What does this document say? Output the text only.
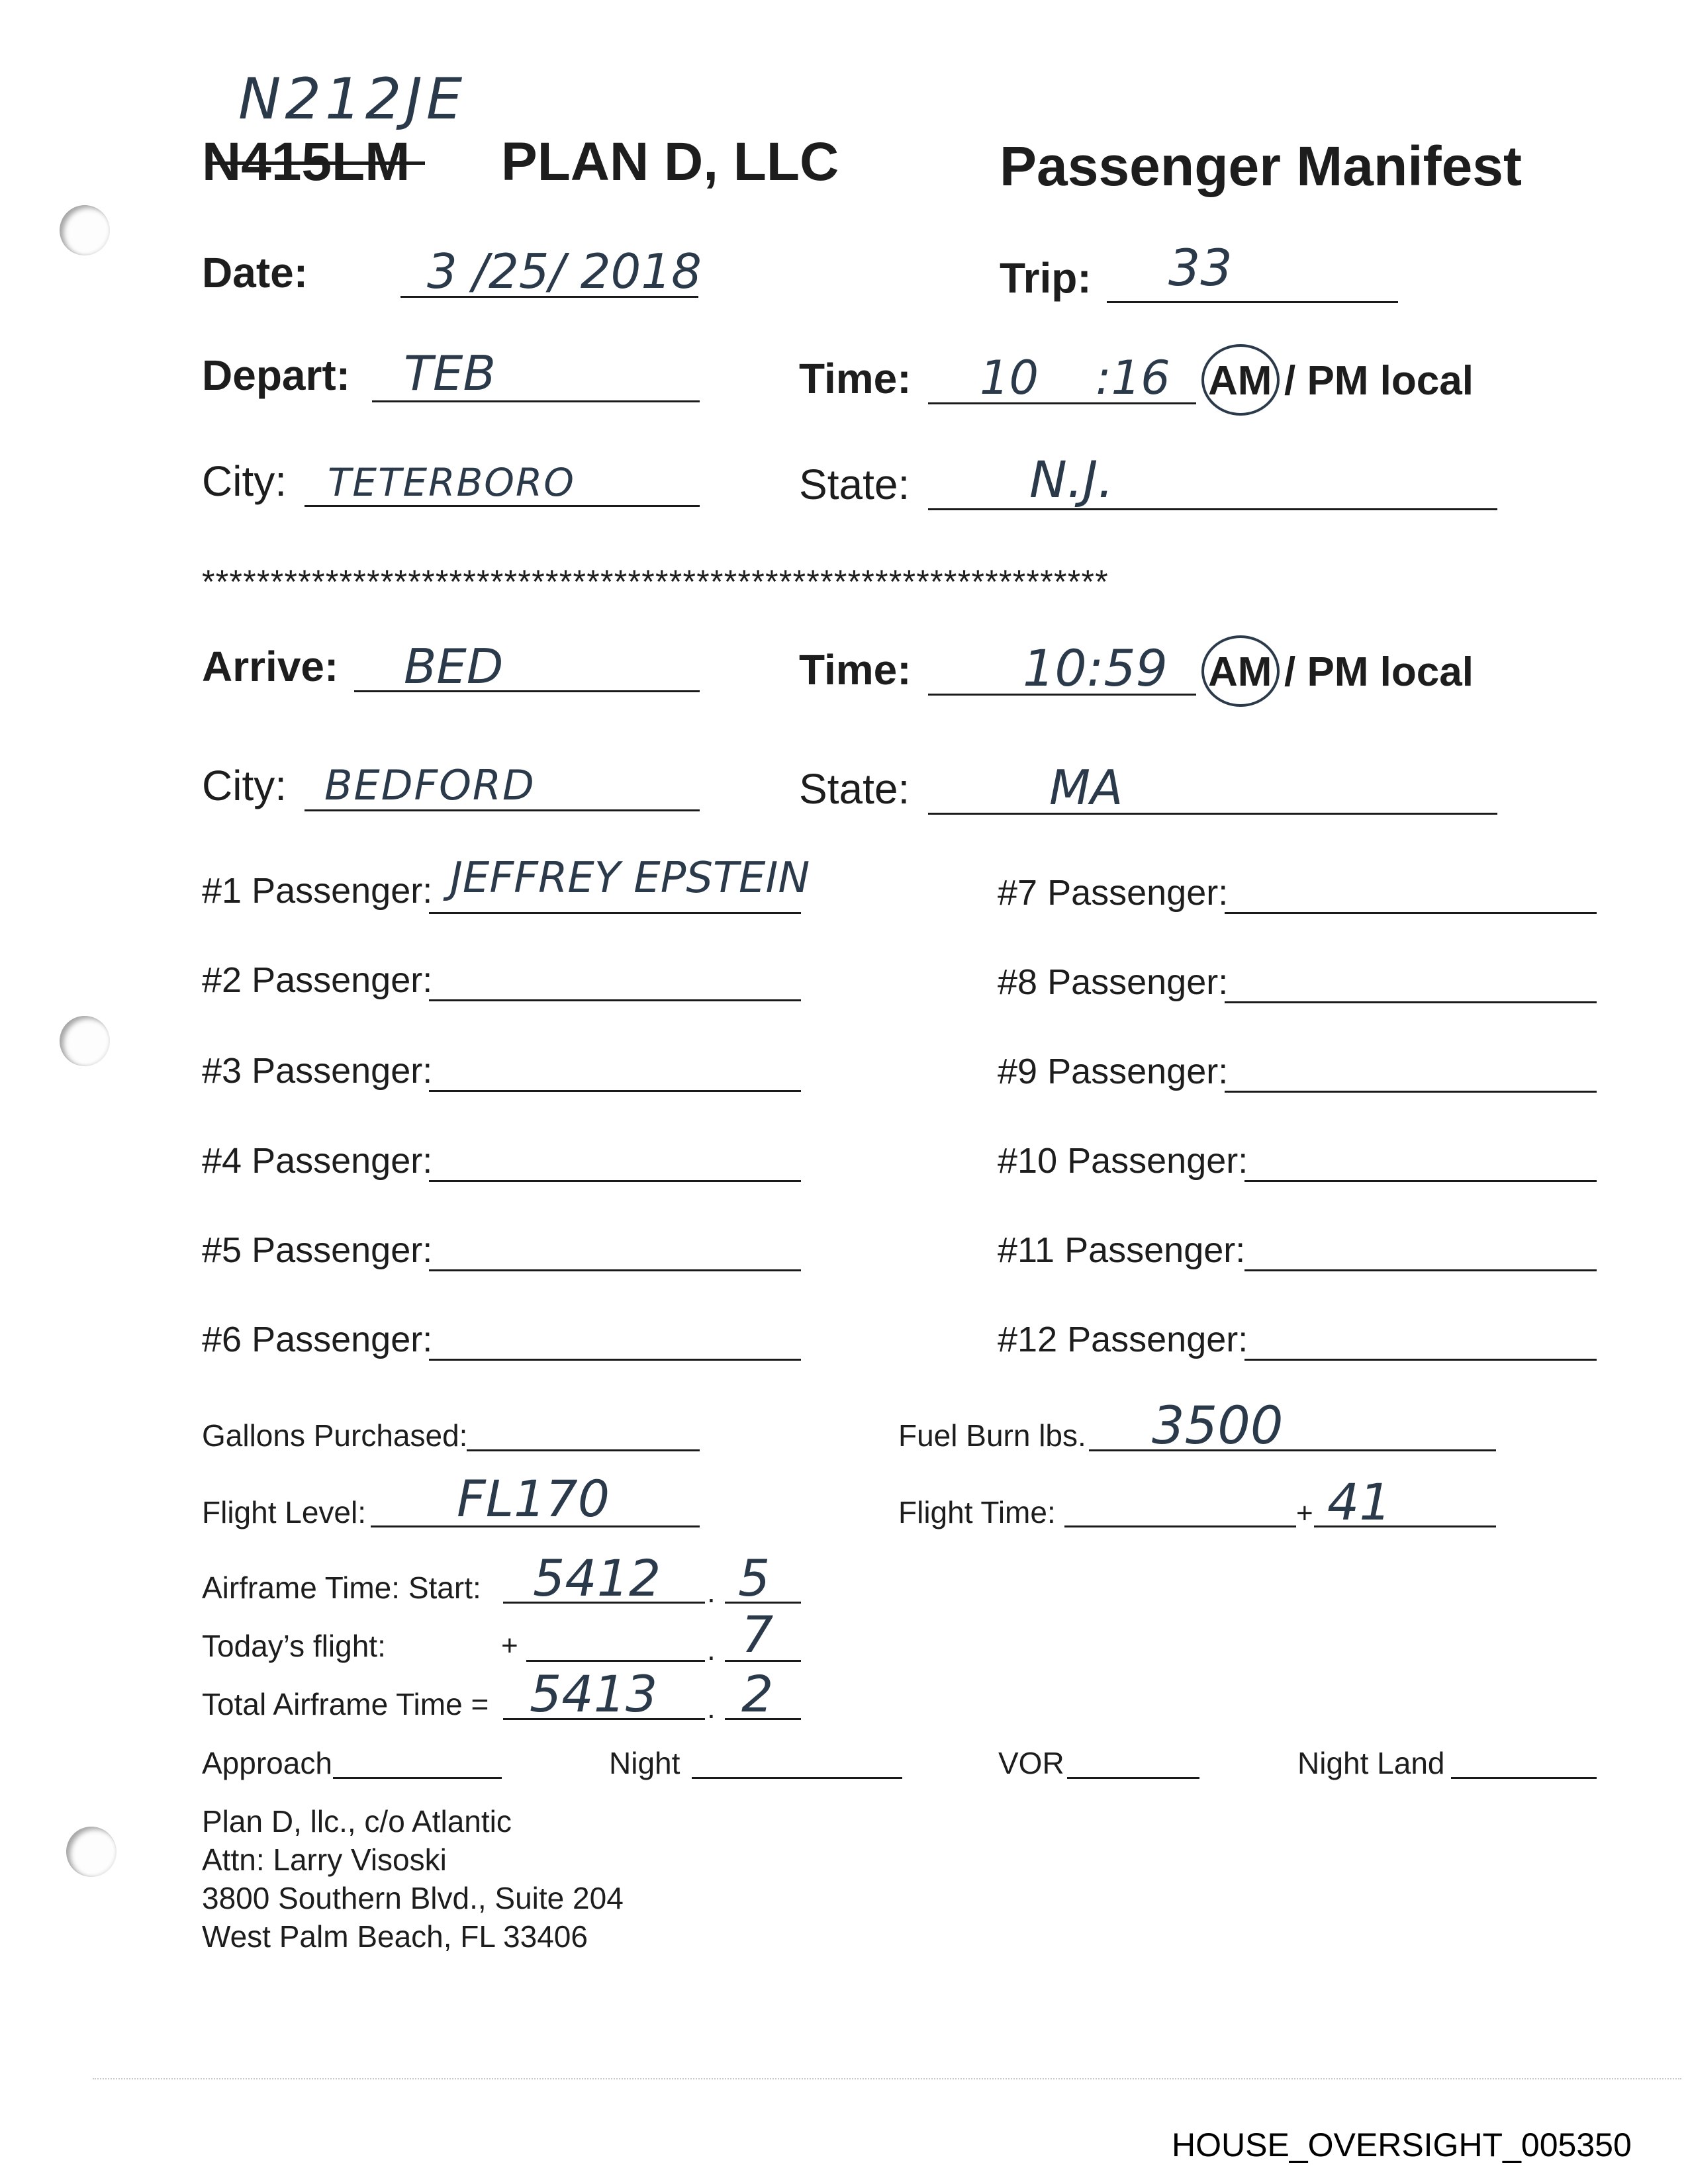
N212JE
N415LM PLAN D, LLC	Passenger Manifest
Date: 3 /25/ 2018	Trip: 33
Depart: TEB	Time: 10 :16 AM / PM local
City: TETERBORO	State: N.J.
******************************************************************
Arrive: BED	Time: 10:59 AM / PM local
City: BEDFORD	State:	MA
#1 Passenger: JEFFREY EPSTEIN
#2 Passenger:
#3 Passenger:
#4 Passenger:
#5 Passenger:
#6 Passenger:
#7 Passenger:
#8 Passenger:
#9 Passenger:
#10 Passenger:
#11 Passenger:
#12 Passenger:
Gallons Purchased:	Fuel Burn lbs. 3500
Flight Level: FL170	Flight Time:	+ 41
Airframe Time: Start: 5412 . 5
Today’s flight:	+	. 7
Total Airframe Time = 5413 . 2
Approach	Night	VOR	Night Land
Plan D, llc., c/o Atlantic
Attn: Larry Visoski
3800 Southern Blvd., Suite 204
West Palm Beach, FL 33406
HOUSE_OVERSIGHT_005350
